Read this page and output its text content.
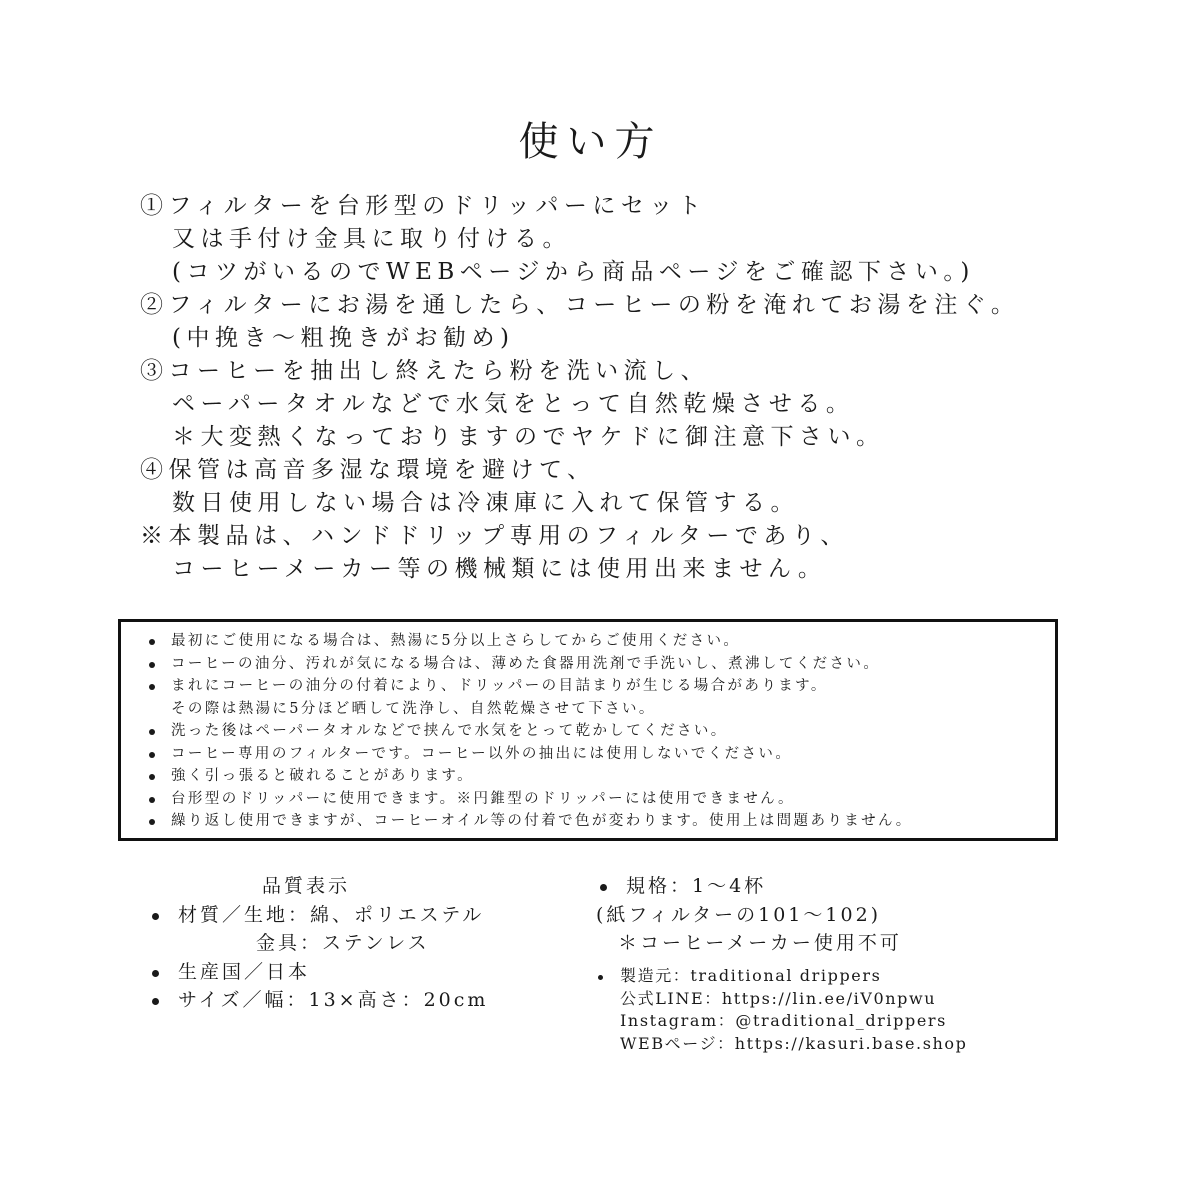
使い方
①フィルターを台形型のドリッパーにセット
又は手付け金具に取り付ける。
(コツがいるのでWEBページから商品ページをご確認下さい。)
②フィルターにお湯を通したら、コーヒーの粉を淹れてお湯を注ぐ。
(中挽き〜粗挽きがお勧め)
③コーヒーを抽出し終えたら粉を洗い流し、
ペーパータオルなどで水気をとって自然乾燥させる。
＊大変熱くなっておりますのでヤケドに御注意下さい。
④保管は高音多湿な環境を避けて、
数日使用しない場合は冷凍庫に入れて保管する。
※本製品は、ハンドドリップ専用のフィルターであり、
コーヒーメーカー等の機械類には使用出来ません。
最初にご使用になる場合は、熱湯に5分以上さらしてからご使用ください。
コーヒーの油分、汚れが気になる場合は、薄めた食器用洗剤で手洗いし、煮沸してください。
まれにコーヒーの油分の付着により、ドリッパーの目詰まりが生じる場合があります。
その際は熱湯に5分ほど晒して洗浄し、自然乾燥させて下さい。
洗った後はペーパータオルなどで挟んで水気をとって乾かしてください。
コーヒー専用のフィルターです。コーヒー以外の抽出には使用しないでください。
強く引っ張ると破れることがあります。
台形型のドリッパーに使用できます。※円錐型のドリッパーには使用できません。
繰り返し使用できますが、コーヒーオイル等の付着で色が変わります。使用上は問題ありません。
品質表示
材質／生地：綿、ポリエステル
金具：ステンレス
生産国／日本
サイズ／幅：13×高さ：20cm
規格：1〜4杯
(紙フィルターの101〜102)
＊コーヒーメーカー使用不可
製造元：traditional drippers
公式LINE：https://lin.ee/iV0npwu
Instagram：@traditional_drippers
WEBページ：https://kasuri.base.shop
